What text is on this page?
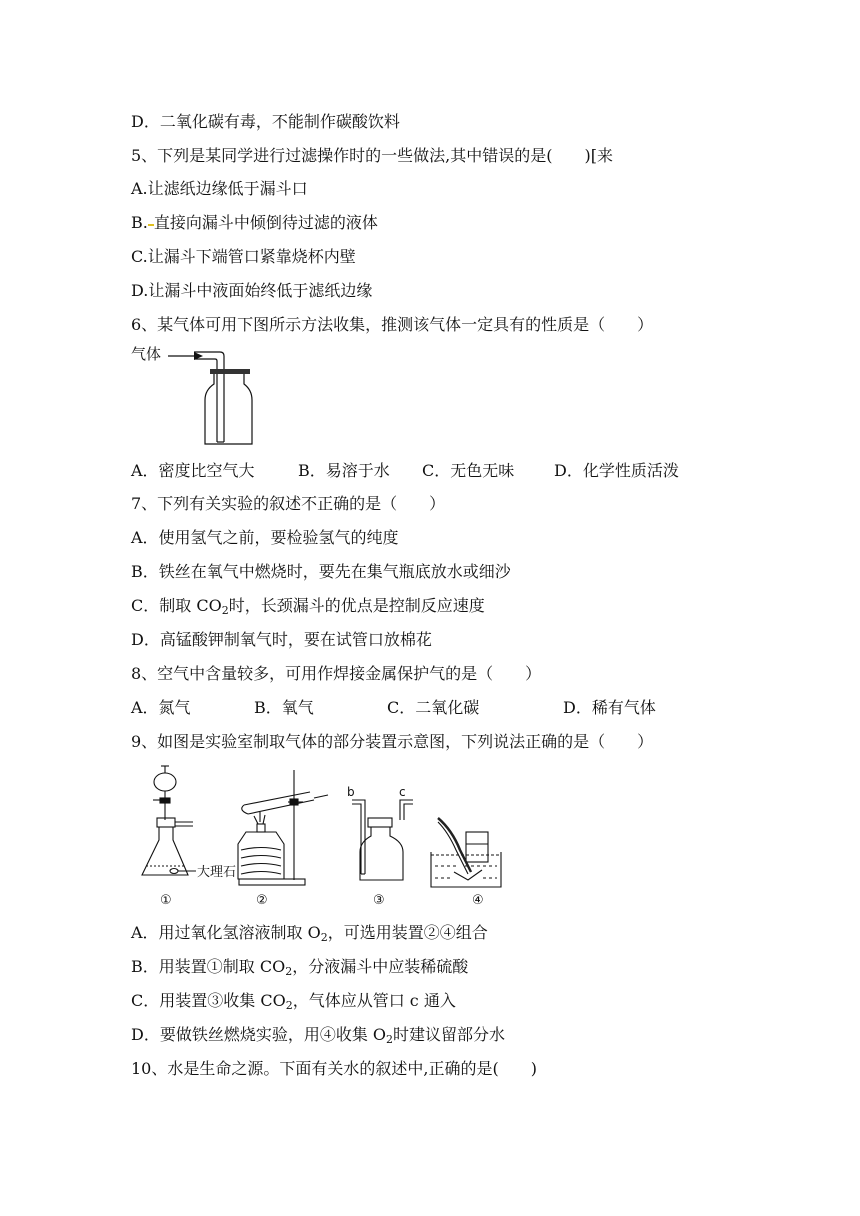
D．二氧化碳有毒，不能制作碳酸饮料
5、下列是某同学进行过滤操作时的一些做法,其中错误的是(　　)[来
A.让滤纸边缘低于漏斗口
B. 直接向漏斗中倾倒待过滤的液体
C.让漏斗下端管口紧靠烧杯内壁
D.让漏斗中液面始终低于滤纸边缘
6、某气体可用下图所示方法收集，推测该气体一定具有的性质是（　　）
气体
A．密度比空气大	B．易溶于水 C．无色无味 D．化学性质活泼
7、下列有关实验的叙述不正确的是（　　）
A．使用氢气之前，要检验氢气的纯度
B．铁丝在氧气中燃烧时，要先在集气瓶底放水或细沙
C．制取 $CO_2$时，长颈漏斗的优点是控制反应速度
D．高锰酸钾制氧气时，要在试管口放棉花
8、空气中含量较多，可用作焊接金属保护气的是（　　）
A．氮气	B．氧气	C．二氧化碳	D．稀有气体
9、如图是实验室制取气体的部分装置示意图，下列说法正确的是（　　）
大理石
①	②
b	c
③	④
A．用过氧化氢溶液制取 $O_2$，可选用装置②④组合
B．用装置①制取 $CO_2$，分液漏斗中应装稀硫酸
C．用装置③收集 $CO_2$，气体应从管口 c 通入
D．要做铁丝燃烧实验，用④收集 $O_2$时建议留部分水
10、水是生命之源。下面有关水的叙述中,正确的是(　　)
